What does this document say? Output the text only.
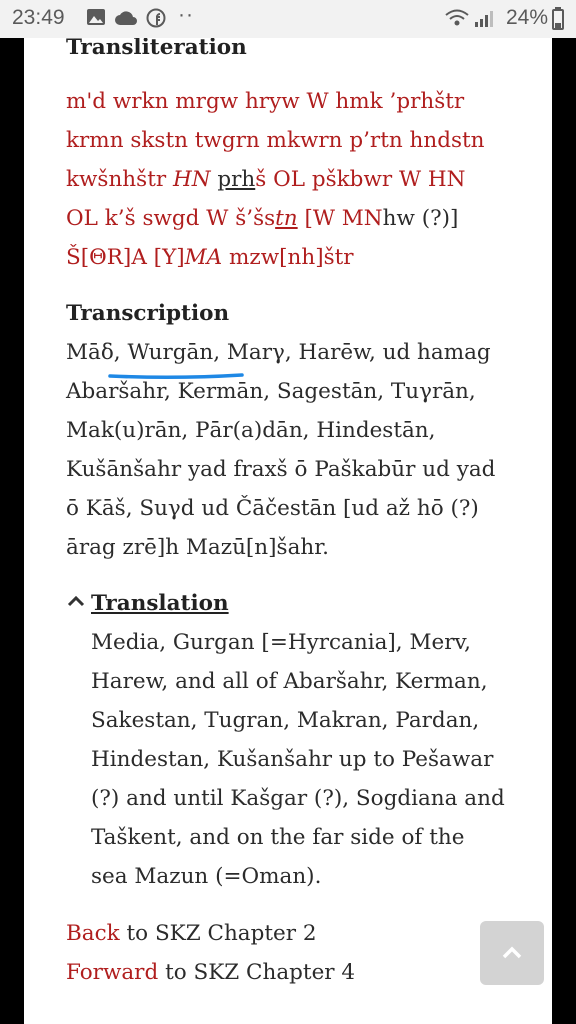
23:49	··	24%
Transliteration
m'd wrkn mrgw hryw W hmk ’prhštr
krmn skstn twgrn mkwrn p’rtn hndstn
kwšnhštr HN prhš OL pškbwr W HN
OL k’š swgd W š’šstn [W MNhw (?)]
Š[ΘR]A [Y]MA mzw[nh]štr
Transcription
Māδ, Wurgān, Marγ, Harēw, ud hamag
Abaršahr, Kermān, Sagestān, Tuγrān,
Mak(u)rān, Pār(a)dān, Hindestān,
Kušānšahr yad fraxš ō Paškabūr ud yad
ō Kāš, Suγd ud Čāčestān [ud až hō (?)
ārag zrē]h Mazū[n]šahr.
Translation
Media, Gurgan [=Hyrcania], Merv,
Harew, and all of Abaršahr, Kerman,
Sakestan, Tugran, Makran, Pardan,
Hindestan, Kušanšahr up to Pešawar
(?) and until Kašgar (?), Sogdiana and
Taškent, and on the far side of the
sea Mazun (=Oman).
Back to SKZ Chapter 2
Forward to SKZ Chapter 4
